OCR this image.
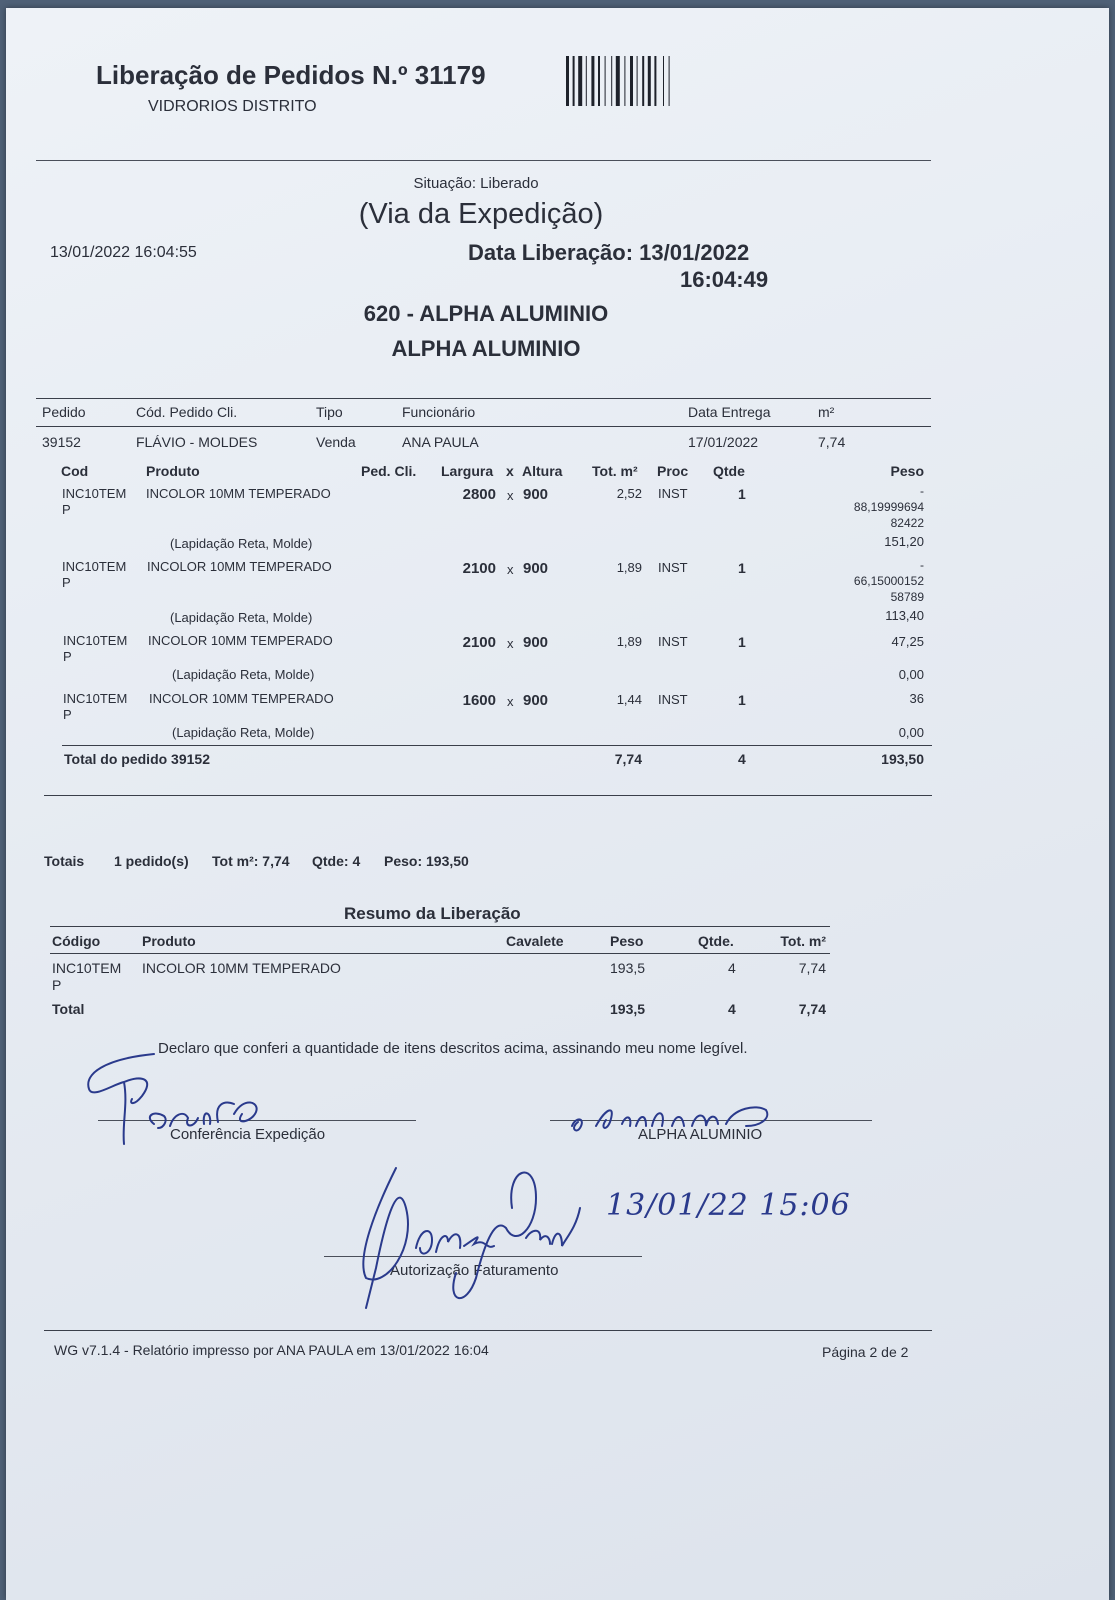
Liberação de Pedidos N.º 31179
VIDRORIOS DISTRITO
Situação: Liberado
(Via da Expedição)
13/01/2022 16:04:55	Data Liberação: 13/01/2022
16:04:49
620 - ALPHA ALUMINIO
ALPHA ALUMINIO
Pedido	Cód. Pedido Cli.	Tipo	Funcionário	Data Entrega	m²
39152	FLÁVIO - MOLDES	Venda	ANA PAULA	17/01/2022	7,74
Cod	Produto	Ped. Cli. Largura x Altura Tot. m² Proc Qtde	Peso
INC10TEM
P
INCOLOR 10MM TEMPERADO	2800 x 900	2,52 INST	1	-
88,19999694
82422
(Lapidação Reta, Molde)	151,20
INC10TEM
P
INCOLOR 10MM TEMPERADO	2100 x 900	1,89 INST	1	-
66,15000152
58789
(Lapidação Reta, Molde)	113,40
INC10TEM
P
INCOLOR 10MM TEMPERADO	2100 x 900	1,89 INST	1	47,25
(Lapidação Reta, Molde)	0,00
INC10TEM
P
INCOLOR 10MM TEMPERADO	1600 x 900	1,44 INST	1	36
(Lapidação Reta, Molde)	0,00
Total do pedido 39152	7,74	4	193,50
Totais 1 pedido(s) Tot m²: 7,74 Qtde: 4 Peso: 193,50
Resumo da Liberação
Código	Produto	Cavalete	Peso	Qtde.	Tot. m²
INC10TEM
P
INCOLOR 10MM TEMPERADO	193,5	4	7,74
Total	193,5	4	7,74
Declaro que conferi a quantidade de itens descritos acima, assinando meu nome legível.
Conferência Expedição	ALPHA ALUMINIO
Autorização Faturamento
13/01/22 15:06
WG v7.1.4 - Relatório impresso por ANA PAULA em 13/01/2022 16:04	Página 2 de 2
